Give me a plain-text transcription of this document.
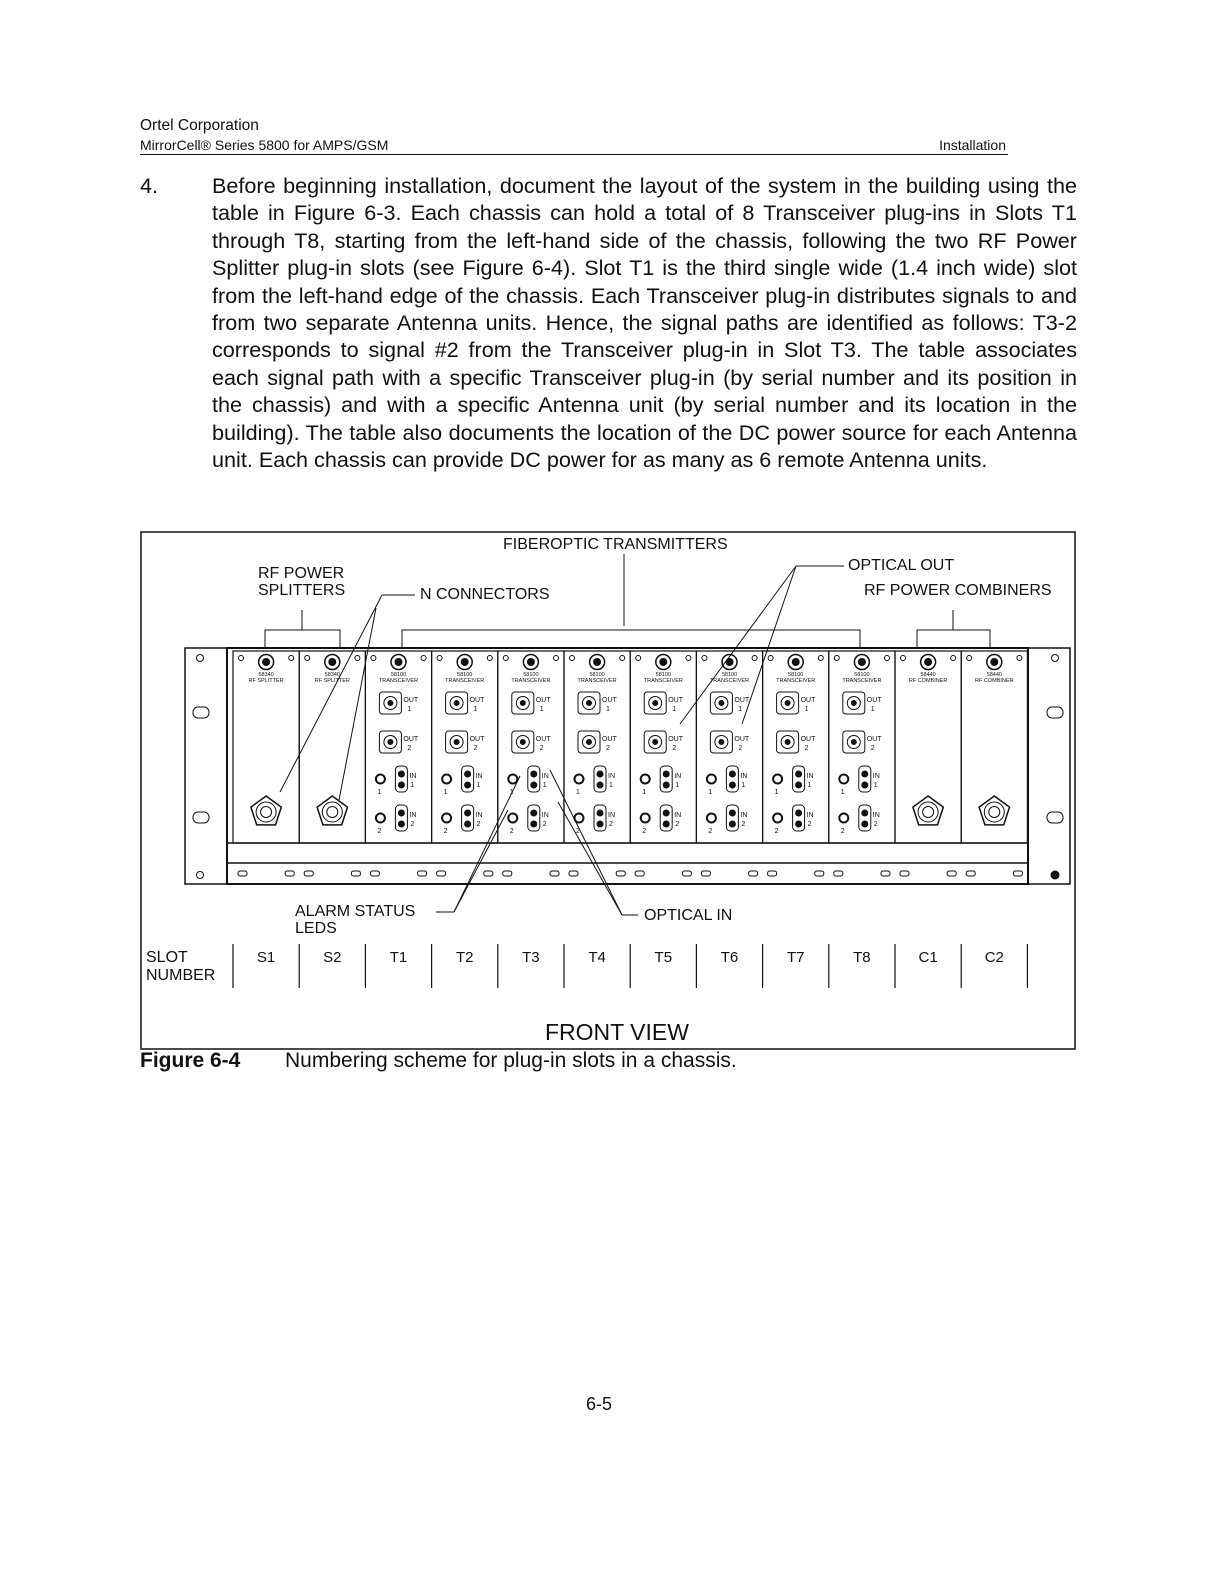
Ortel Corporation
MirrorCell® Series 5800 for AMPS/GSM	Installation
4. Before beginning installation, document the layout of the system in the building using the table in Figure 6-3. Each chassis can hold a total of 8 Transceiver plug-ins in Slots T1 through T8, starting from the left-hand side of the chassis, following the two RF Power Splitter plug-in slots (see Figure 6-4). Slot T1 is the third single wide (1.4 inch wide) slot from the left-hand edge of the chassis. Each Transceiver plug-in distributes signals to and from two separate Antenna units. Hence, the signal paths are identified as follows: T3-2 corresponds to signal #2 from the Transceiver plug-in in Slot T3. The table associates each signal path with a specific Transceiver plug-in (by serial number and its position in the chassis) and with a specific Antenna unit (by serial number and its location in the building). The table also documents the location of the DC power source for each Antenna unit. Each chassis can provide DC power for as many as 6 remote Antenna units.
FIBEROPTIC TRANSMITTERS
OPTICAL OUT
RF POWER
SPLITTERS	N CONNECTORS	RF POWER COMBINERS
ALARM STATUS
LEDS
OPTICAL IN
58340
RF SPLITTER
58340
RF SPLITTER
58100
TRANSCEIVER
OUT
1
OUT
2
IN
1
1
IN
2
2
58100
TRANSCEIVER
OUT
1
OUT
2
IN
1
1
IN
2
2
58100
TRANSCEIVER
OUT
1
OUT
2
IN
1
1
IN
2
2
58100
TRANSCEIVER
OUT
1
OUT
2
IN
1
1
IN
2
2
58100
TRANSCEIVER
OUT
1
OUT
2
IN
1
1
IN
2
2
58100
TRANSCEIVER
OUT
1
OUT
2
IN
1
1
IN
2
2
58100
TRANSCEIVER
OUT
1
OUT
2
IN
1
1
IN
2
2
58100
TRANSCEIVER
OUT
1
OUT
2
IN
1
1
IN
2
2
58440
RF COMBINER
58440
RF COMBINER
SLOT
NUMBER
S1	S2	T1	T2	T3	T4	T5	T6	T7	T8	C1	C2
FRONT VIEW
Figure 6-4 Numbering scheme for plug-in slots in a chassis.
6-5
